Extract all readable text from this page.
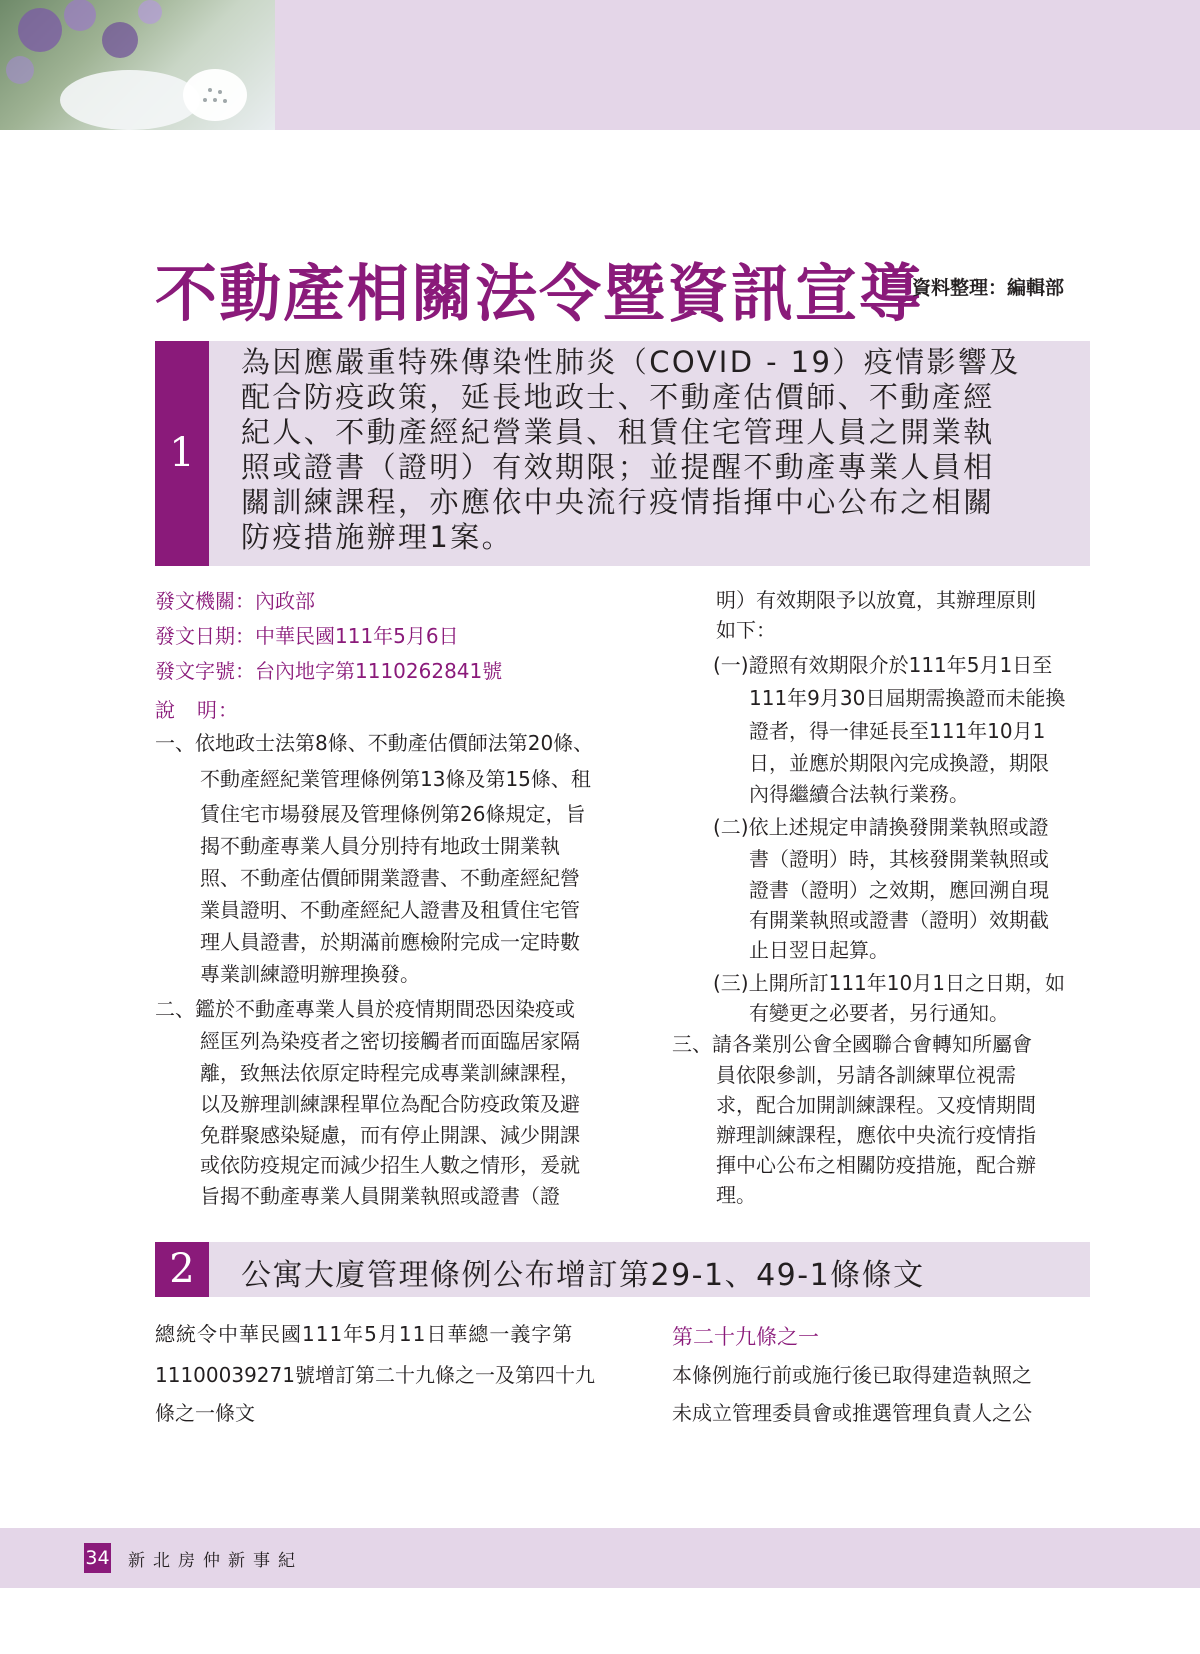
不動產相關法令暨資訊宣導
資料整理：編輯部
1
為因應嚴重特殊傳染性肺炎（COVID - 19）疫情影響及
配合防疫政策，延長地政士、不動產估價師、不動產經
紀人、不動產經紀營業員、租賃住宅管理人員之開業執
照或證書（證明）有效期限；並提醒不動產專業人員相
關訓練課程，亦應依中央流行疫情指揮中心公布之相關
防疫措施辦理1案。
發文機關：內政部
發文日期：中華民國111年5月6日
發文字號：台內地字第1110262841號
說　明：
一、依地政士法第8條、不動產估價師法第20條、
不動產經紀業管理條例第13條及第15條、租
賃住宅市場發展及管理條例第26條規定，旨
揭不動產專業人員分別持有地政士開業執
照、不動產估價師開業證書、不動產經紀營
業員證明、不動產經紀人證書及租賃住宅管
理人員證書，於期滿前應檢附完成一定時數
專業訓練證明辦理換發。
二、鑑於不動產專業人員於疫情期間恐因染疫或
經匡列為染疫者之密切接觸者而面臨居家隔
離，致無法依原定時程完成專業訓練課程，
以及辦理訓練課程單位為配合防疫政策及避
免群聚感染疑慮，而有停止開課、減少開課
或依防疫規定而減少招生人數之情形，爰就
旨揭不動產專業人員開業執照或證書（證
明）有效期限予以放寬，其辦理原則
如下：
(一)證照有效期限介於111年5月1日至
111年9月30日屆期需換證而未能換
證者，得一律延長至111年10月1
日，並應於期限內完成換證，期限
內得繼續合法執行業務。
(二)依上述規定申請換發開業執照或證
書（證明）時，其核發開業執照或
證書（證明）之效期，應回溯自現
有開業執照或證書（證明）效期截
止日翌日起算。
(三)上開所訂111年10月1日之日期，如
有變更之必要者，另行通知。
三、請各業別公會全國聯合會轉知所屬會
員依限參訓，另請各訓練單位視需
求，配合加開訓練課程。又疫情期間
辦理訓練課程，應依中央流行疫情指
揮中心公布之相關防疫措施，配合辦
理。
2	公寓大廈管理條例公布增訂第29-1、49-1條條文
總統令中華民國111年5月11日華總一義字第
11100039271號增訂第二十九條之一及第四十九
條之一條文
第二十九條之一
本條例施行前或施行後已取得建造執照之
未成立管理委員會或推選管理負責人之公
34 新北房仲新事紀
